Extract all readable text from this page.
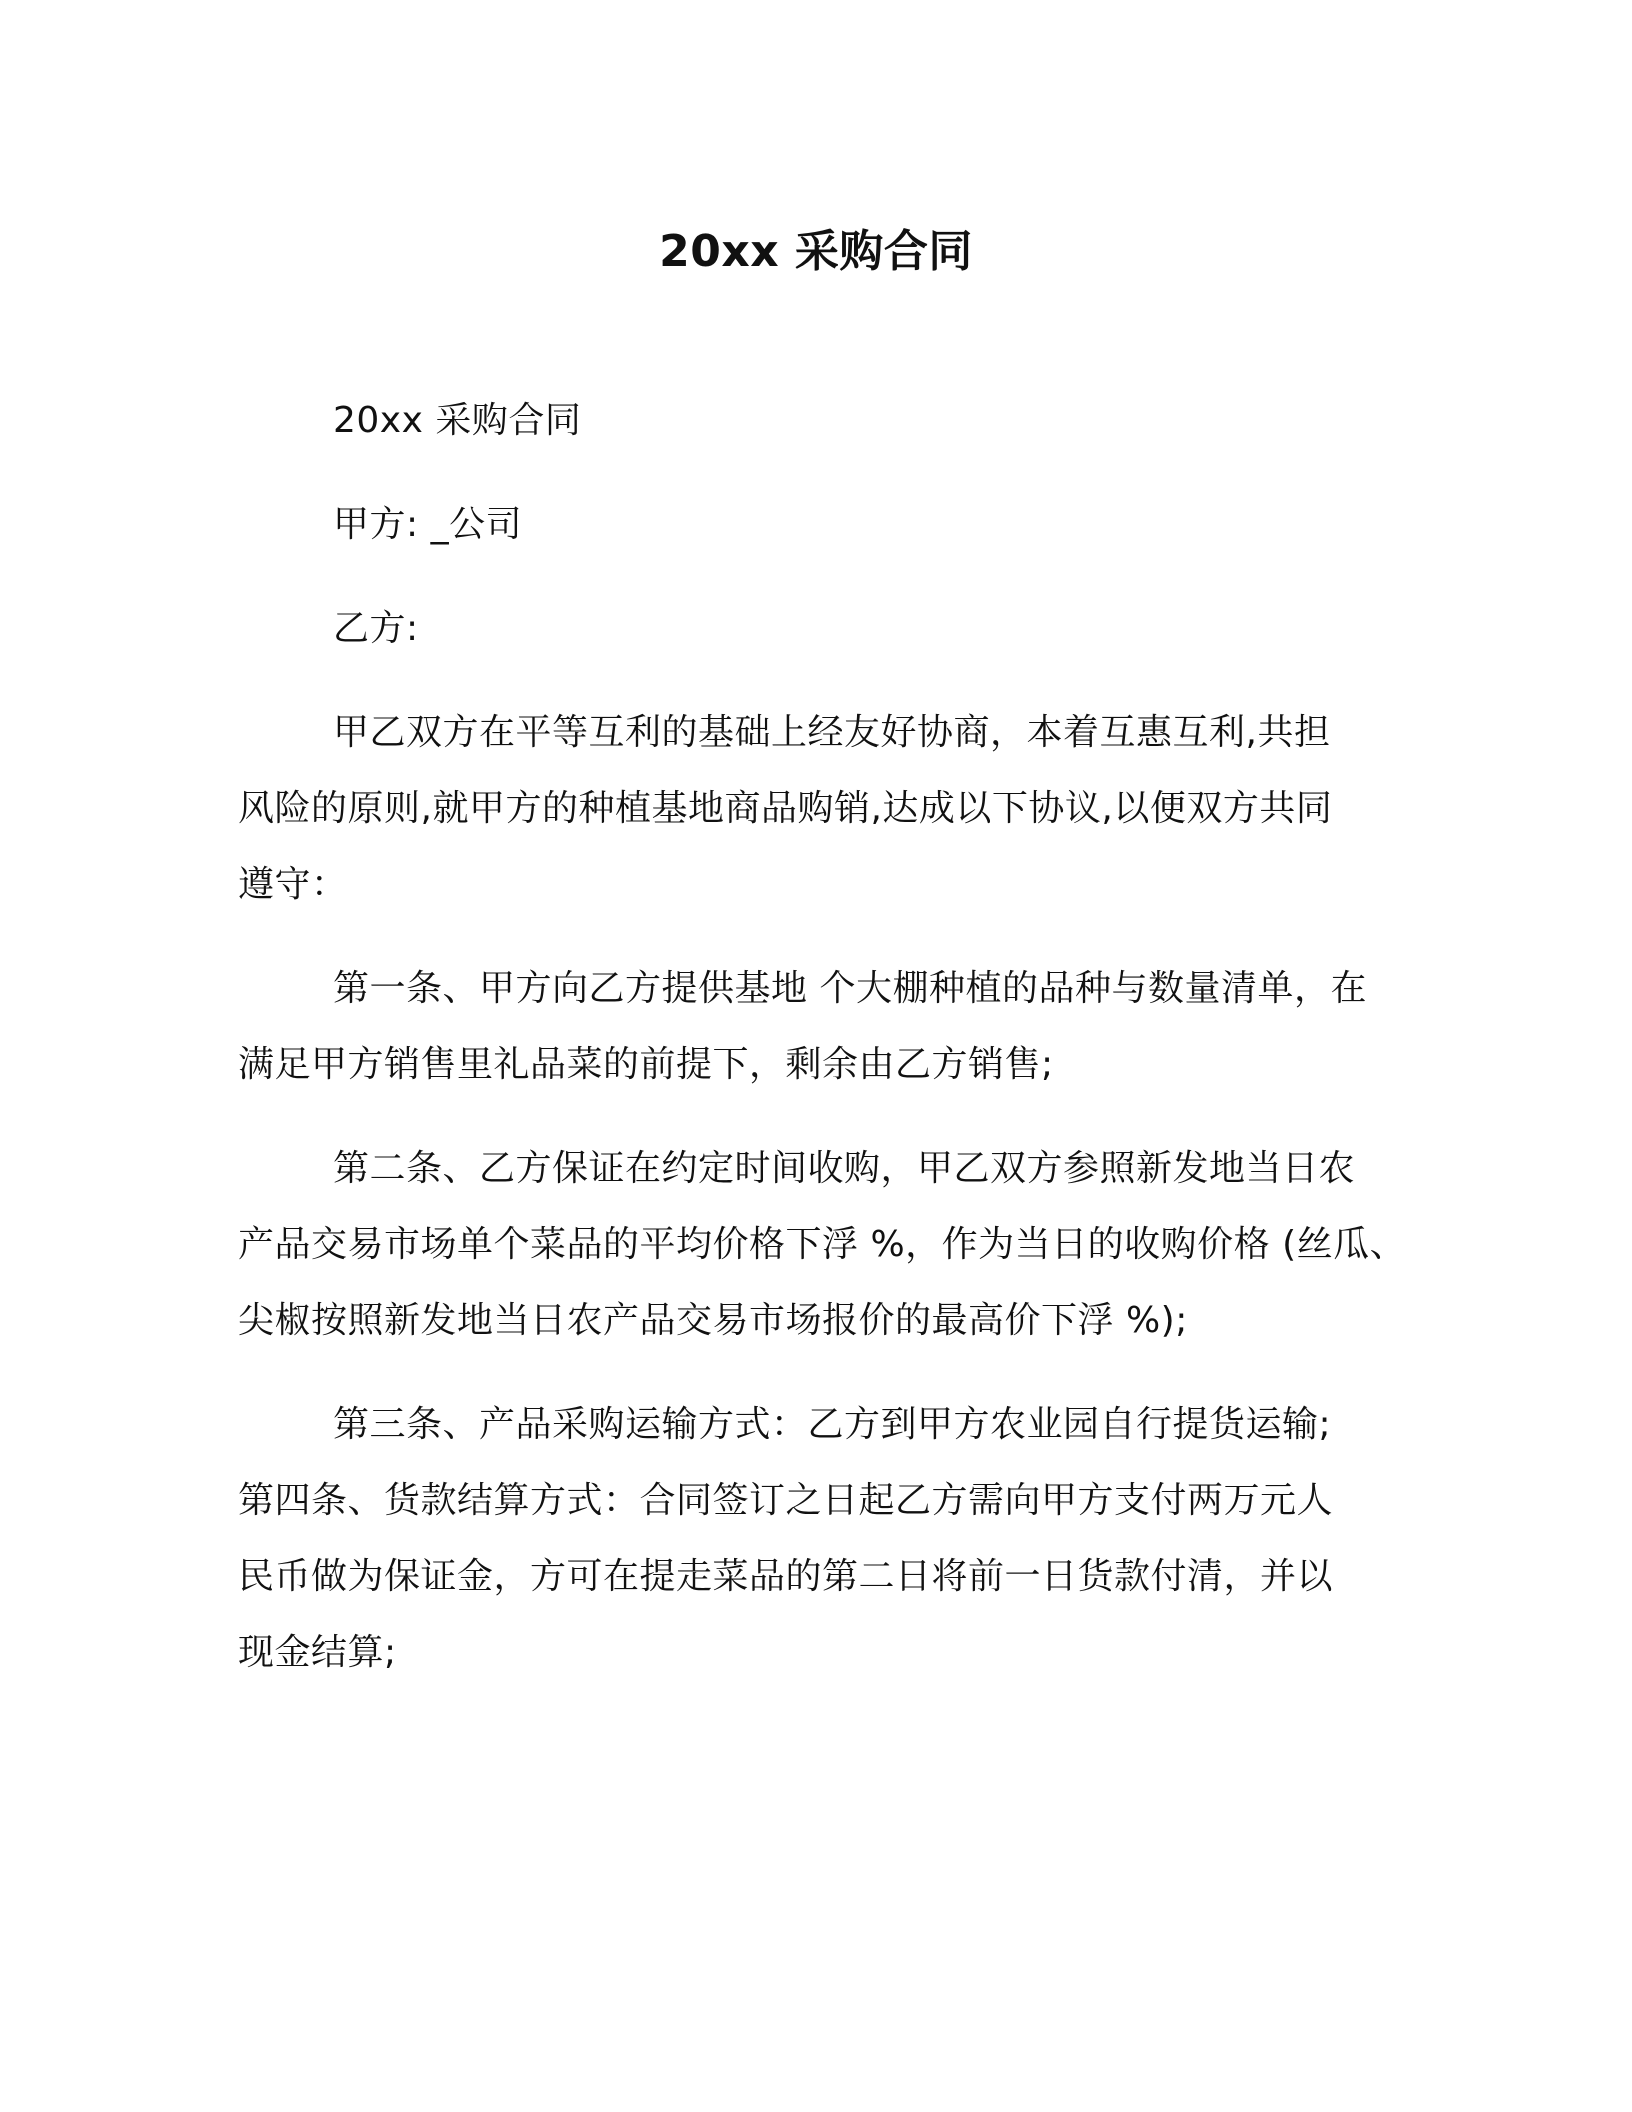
20xx 采购合同
20xx 采购合同
甲方: _公司
乙方:
甲乙双方在平等互利的基础上经友好协商，本着互惠互利,共担
风险的原则,就甲方的种植基地商品购销,达成以下协议,以便双方共同
遵守：
第一条、甲方向乙方提供基地 个大棚种植的品种与数量清单，在
满足甲方销售里礼品菜的前提下，剩余由乙方销售;
第二条、乙方保证在约定时间收购，甲乙双方参照新发地当日农
产品交易市场单个菜品的平均价格下浮 %，作为当日的收购价格 (丝瓜、
尖椒按照新发地当日农产品交易市场报价的最高价下浮 %);
第三条、产品采购运输方式：乙方到甲方农业园自行提货运输;
第四条、货款结算方式：合同签订之日起乙方需向甲方支付两万元人
民币做为保证金，方可在提走菜品的第二日将前一日货款付清，并以
现金结算;
